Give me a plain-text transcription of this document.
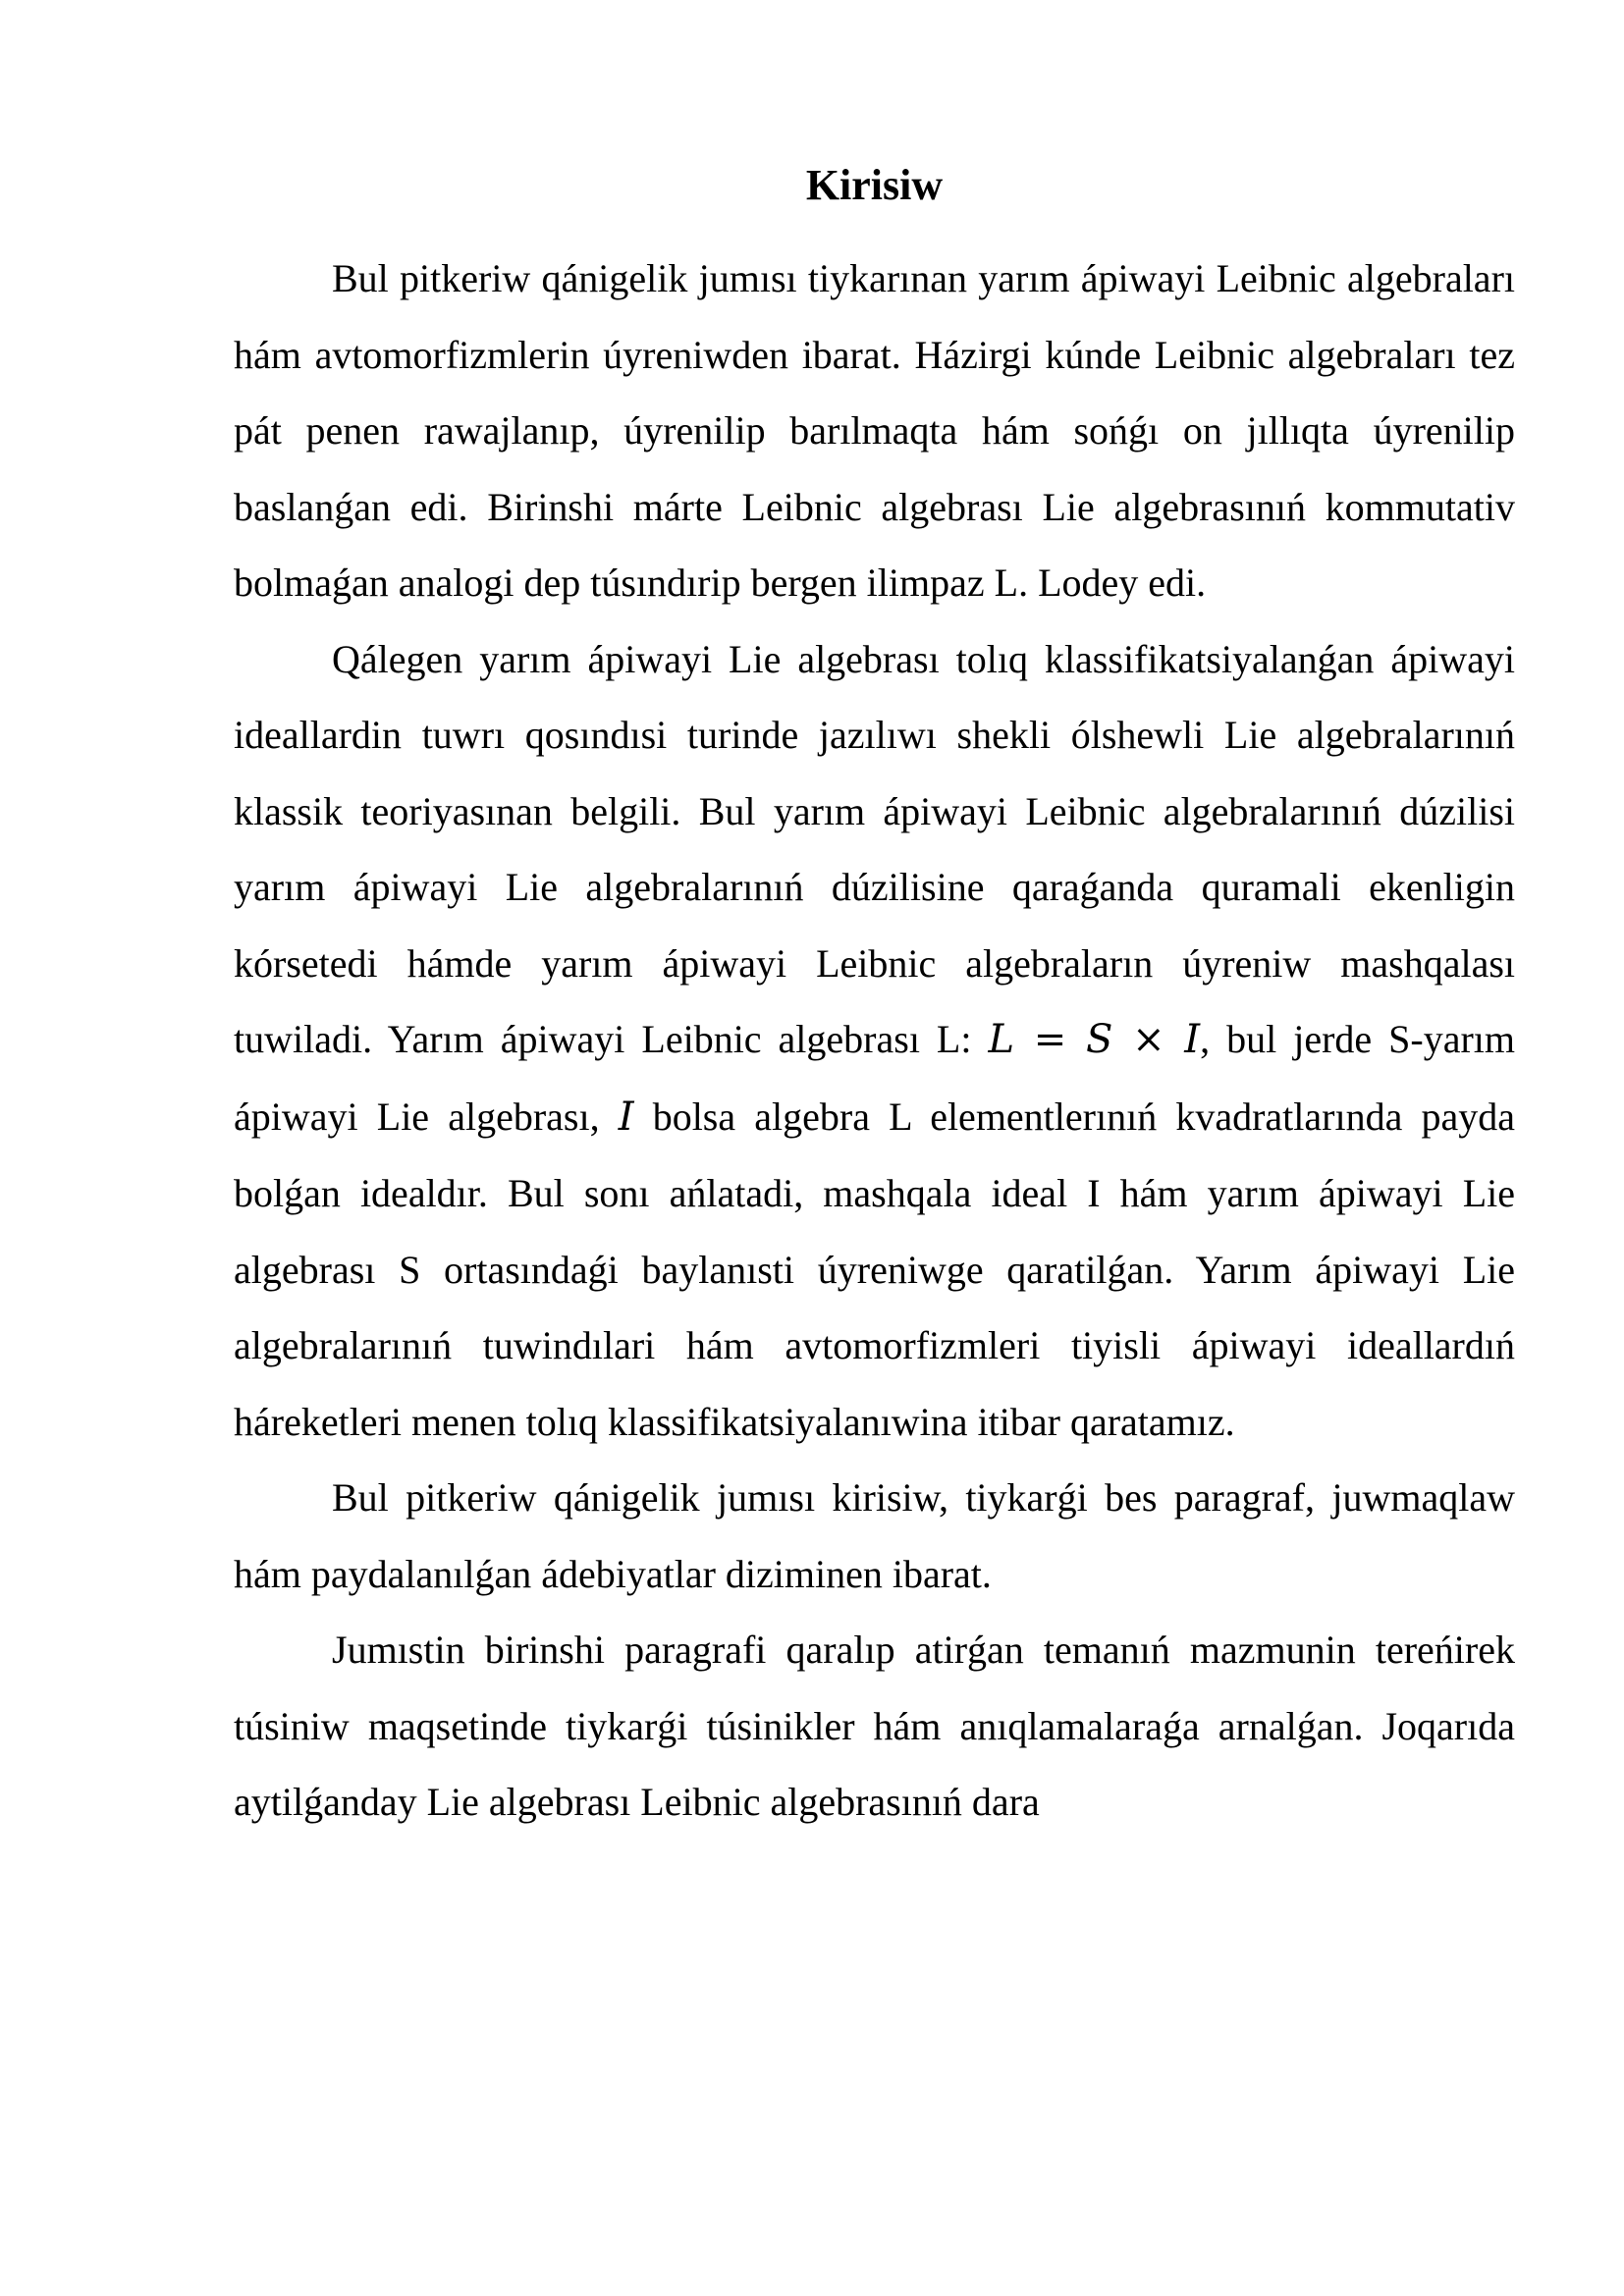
Kirisiw

Bul pitkeriw qánigelik jumısı tiykarınan yarım ápiwayi Leibnic algebraları hám avtomorfizmlerin úyreniwden ibarat. Házirgi kúnde Leibnic algebraları tez pát penen rawajlanıp, úyrenilip barılmaqta hám sońǵı on jıllıqta úyrenilip baslanǵan edi. Birinshi márte Leibnic algebrası Lie algebrasınıń kommutativ bolmaǵan analogi dep túsındırip bergen ilimpaz L. Lodey edi.

Qálegen yarım ápiwayi Lie algebrası tolıq klassifikatsiyalanǵan ápiwayi ideallardin tuwrı qosındısi turinde jazılıwı shekli ólshewli Lie algebralarınıń klassik teoriyasınan belgili. Bul yarım ápiwayi Leibnic algebralarınıń dúzilisi yarım ápiwayi Lie algebralarınıń dúzilisine qaraǵanda quramali ekenligin kórsetedi hámde yarım ápiwayi Leibnic algebraların úyreniw mashqalası tuwiladi. Yarım ápiwayi Leibnic algebrası L: L = S × I, bul jerde S-yarım ápiwayi Lie algebrası, I bolsa algebra L elementlerınıń kvadratlarında payda bolǵan idealdır. Bul sonı ańlatadi, mashqala ideal I hám yarım ápiwayi Lie algebrası S ortasındaǵi baylanısti úyreniwge qaratilǵan. Yarım ápiwayi Lie algebralarınıń tuwindılari hám avtomorfizmleri tiyisli ápiwayi ideallardıń háreketleri menen tolıq klassifikatsiyalanıwina itibar qaratamız.

Bul pitkeriw qánigelik jumısı kirisiw, tiykarǵi bes paragraf, juwmaqlaw hám paydalanılǵan ádebiyatlar diziminen ibarat.

Jumıstin birinshi paragrafi qaralıp atirǵan temanıń mazmunin tereńirek túsiniw maqsetinde tiykarǵi túsinikler hám anıqlamalaraǵa arnalǵan. Joqarıda aytilǵanday Lie algebrası Leibnic algebrasınıń dara
